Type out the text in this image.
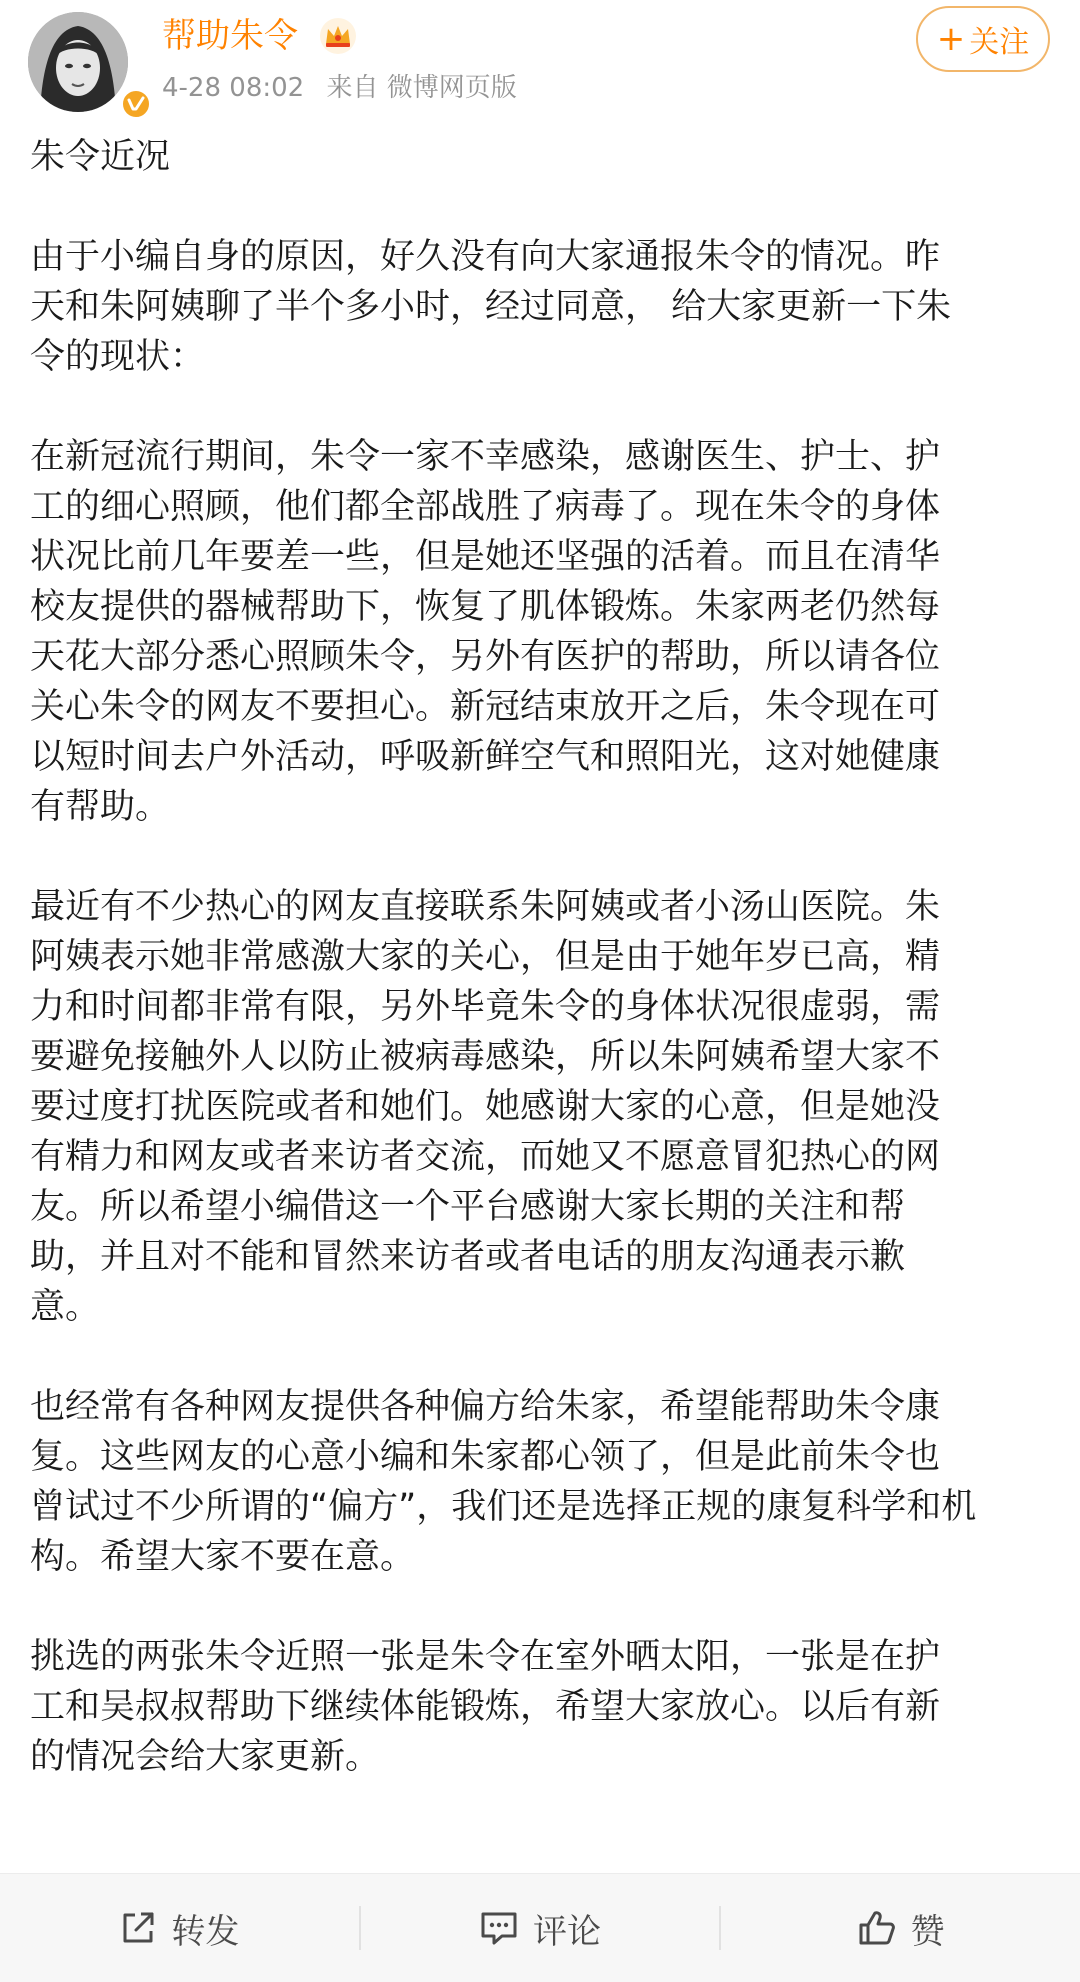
帮助朱令
4-28 08:02 来自 微博网页版
+ 关注

朱令近况

由于小编自身的原因，好久没有向大家通报朱令的情况。昨
天和朱阿姨聊了半个多小时，经过同意， 给大家更新一下朱
令的现状：

在新冠流行期间，朱令一家不幸感染，感谢医生、护士、护
工的细心照顾，他们都全部战胜了病毒了。现在朱令的身体
状况比前几年要差一些，但是她还坚强的活着。而且在清华
校友提供的器械帮助下，恢复了肌体锻炼。朱家两老仍然每
天花大部分悉心照顾朱令，另外有医护的帮助，所以请各位
关心朱令的网友不要担心。新冠结束放开之后，朱令现在可
以短时间去户外活动，呼吸新鲜空气和照阳光，这对她健康
有帮助。

最近有不少热心的网友直接联系朱阿姨或者小汤山医院。朱
阿姨表示她非常感激大家的关心，但是由于她年岁已高，精
力和时间都非常有限，另外毕竟朱令的身体状况很虚弱，需
要避免接触外人以防止被病毒感染，所以朱阿姨希望大家不
要过度打扰医院或者和她们。她感谢大家的心意，但是她没
有精力和网友或者来访者交流，而她又不愿意冒犯热心的网
友。所以希望小编借这一个平台感谢大家长期的关注和帮
助，并且对不能和冒然来访者或者电话的朋友沟通表示歉
意。

也经常有各种网友提供各种偏方给朱家，希望能帮助朱令康
复。这些网友的心意小编和朱家都心领了，但是此前朱令也
曾试过不少所谓的“偏方”，我们还是选择正规的康复科学和机
构。希望大家不要在意。

挑选的两张朱令近照一张是朱令在室外晒太阳，一张是在护
工和吴叔叔帮助下继续体能锻炼，希望大家放心。以后有新
的情况会给大家更新。

转发	评论	赞
